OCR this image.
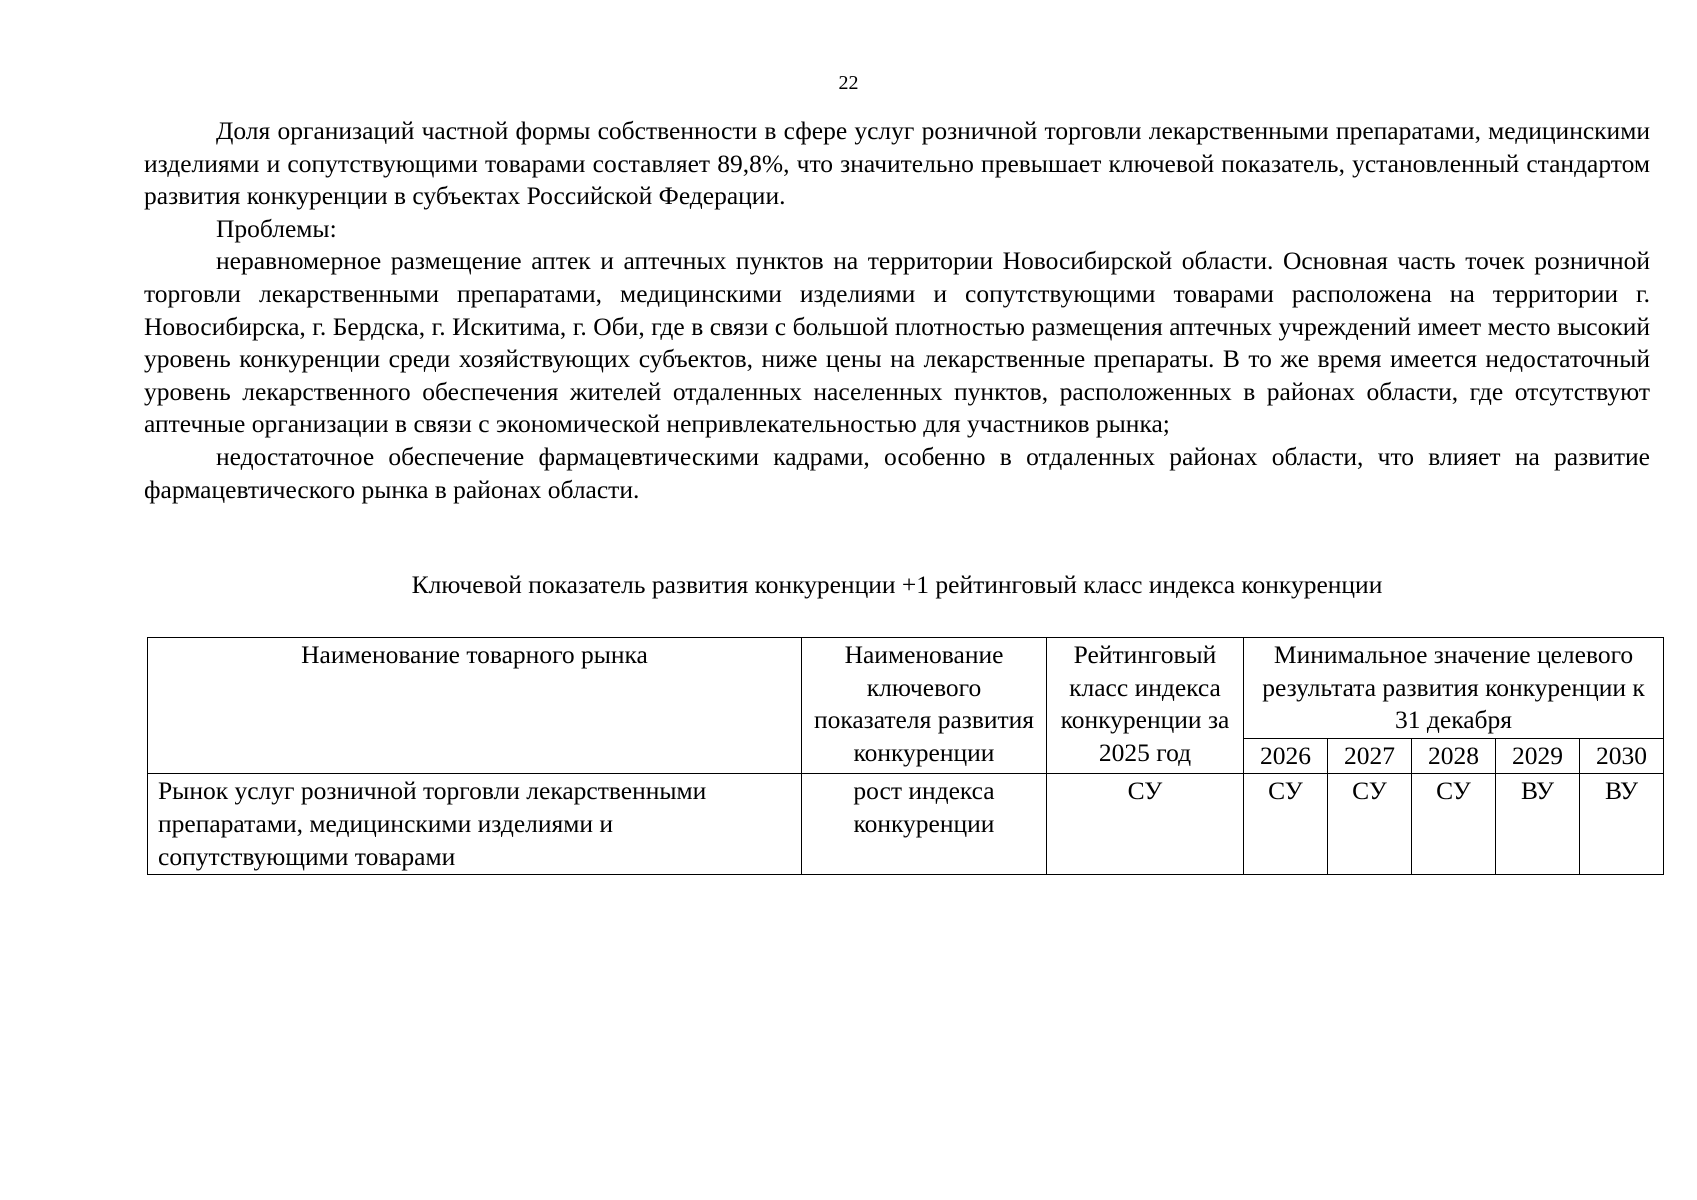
22

Доля организаций частной формы собственности в сфере услуг розничной торговли лекарственными препаратами, медицинскими изделиями и сопутствующими товарами составляет 89,8%, что значительно превышает ключевой показатель, установленный стандартом развития конкуренции в субъектах Российской Федерации.

Проблемы:

неравномерное размещение аптек и аптечных пунктов на территории Новосибирской области. Основная часть точек розничной торговли лекарственными препаратами, медицинскими изделиями и сопутствующими товарами расположена на территории г. Новосибирска, г. Бердска, г. Искитима, г. Оби, где в связи с большой плотностью размещения аптечных учреждений имеет место высокий уровень конкуренции среди хозяйствующих субъектов, ниже цены на лекарственные препараты. В то же время имеется недостаточный уровень лекарственного обеспечения жителей отдаленных населенных пунктов, расположенных в районах области, где отсутствуют аптечные организации в связи с экономической непривлекательностью для участников рынка;

недостаточное обеспечение фармацевтическими кадрами, особенно в отдаленных районах области, что влияет на развитие фармацевтического рынка в районах области.

Ключевой показатель развития конкуренции +1 рейтинговый класс индекса конкуренции
Наименование товарного рынка	Наименование ключевого показателя развития конкуренции	Рейтинговый класс индекса конкуренции за 2025 год	Минимальное значение целевого результата развития конкуренции к 31 декабря				
			2026	2027	2028	2029	2030
Рынок услуг розничной торговли лекарственными препаратами, медицинскими изделиями и сопутствующими товарами	рост индекса конкуренции	СУ	СУ	СУ	СУ	ВУ	ВУ
